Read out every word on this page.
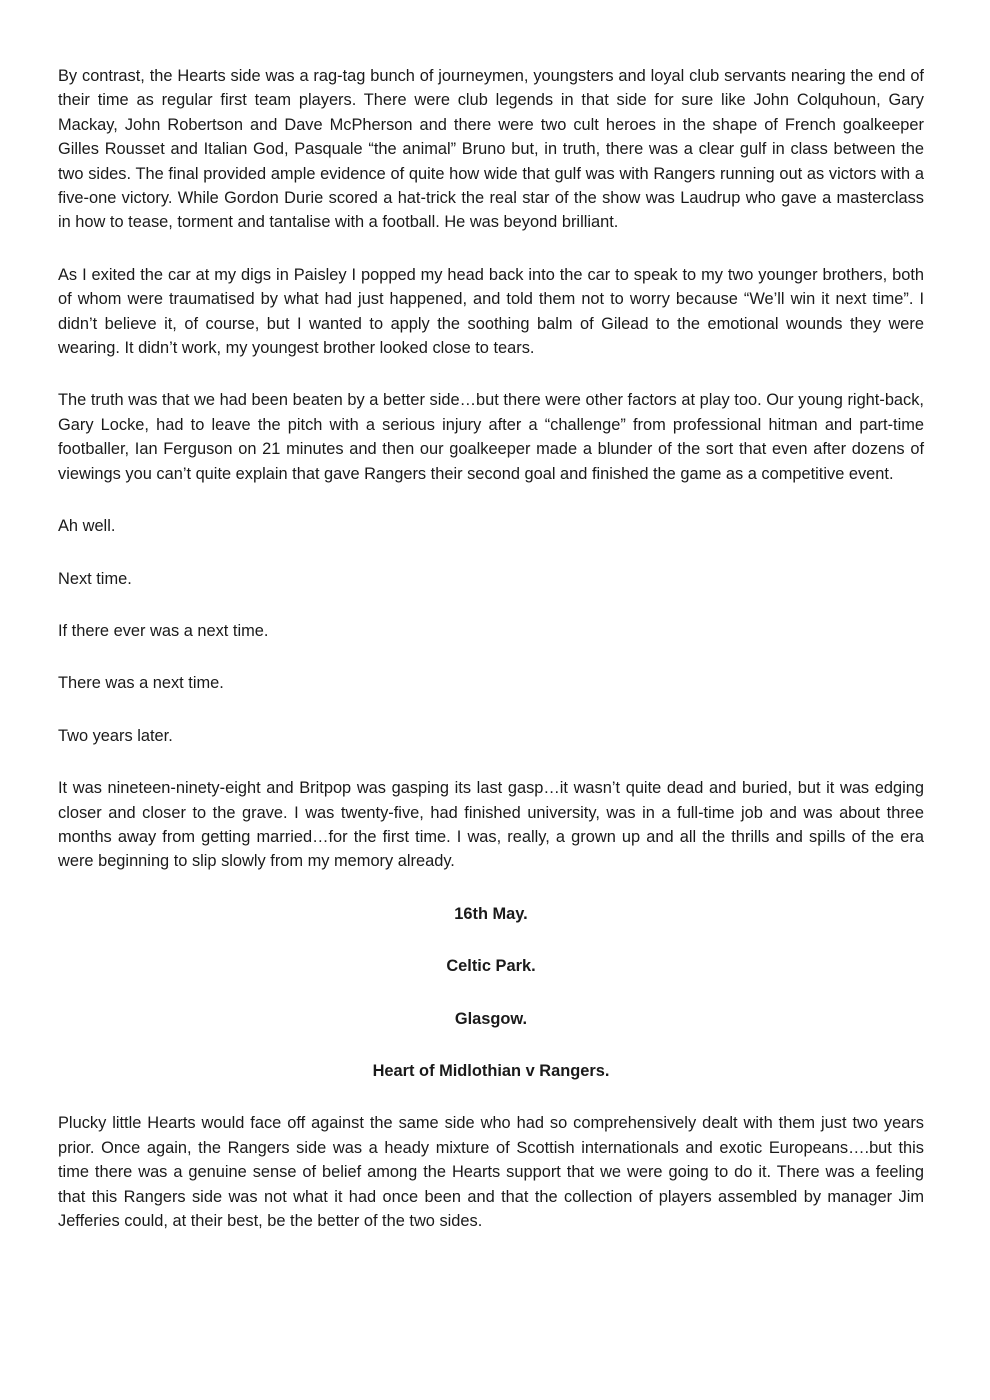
By contrast, the Hearts side was a rag-tag bunch of journeymen, youngsters and loyal club servants nearing the end of their time as regular first team players. There were club legends in that side for sure like John Colquhoun, Gary Mackay, John Robertson and Dave McPherson and there were two cult heroes in the shape of French goalkeeper Gilles Rousset and Italian God, Pasquale “the animal” Bruno but, in truth, there was a clear gulf in class between the two sides. The final provided ample evidence of quite how wide that gulf was with Rangers running out as victors with a five-one victory. While Gordon Durie scored a hat-trick the real star of the show was Laudrup who gave a masterclass in how to tease, torment and tantalise with a football. He was beyond brilliant.

As I exited the car at my digs in Paisley I popped my head back into the car to speak to my two younger brothers, both of whom were traumatised by what had just happened, and told them not to worry because “We’ll win it next time”. I didn’t believe it, of course, but I wanted to apply the soothing balm of Gilead to the emotional wounds they were wearing. It didn’t work, my youngest brother looked close to tears.

The truth was that we had been beaten by a better side…but there were other factors at play too. Our young right-back, Gary Locke, had to leave the pitch with a serious injury after a “challenge” from professional hitman and part-time footballer, Ian Ferguson on 21 minutes and then our goalkeeper made a blunder of the sort that even after dozens of viewings you can’t quite explain that gave Rangers their second goal and finished the game as a competitive event.

Ah well.

Next time.

If there ever was a next time.

There was a next time.

Two years later.

It was nineteen-ninety-eight and Britpop was gasping its last gasp…it wasn’t quite dead and buried, but it was edging closer and closer to the grave. I was twenty-five, had finished university, was in a full-time job and was about three months away from getting married…for the first time. I was, really, a grown up and all the thrills and spills of the era were beginning to slip slowly from my memory already.

16th May.

Celtic Park.

Glasgow.

Heart of Midlothian v Rangers.

Plucky little Hearts would face off against the same side who had so comprehensively dealt with them just two years prior. Once again, the Rangers side was a heady mixture of Scottish internationals and exotic Europeans….but this time there was a genuine sense of belief among the Hearts support that we were going to do it. There was a feeling that this Rangers side was not what it had once been and that the collection of players assembled by manager Jim Jefferies could, at their best, be the better of the two sides.
